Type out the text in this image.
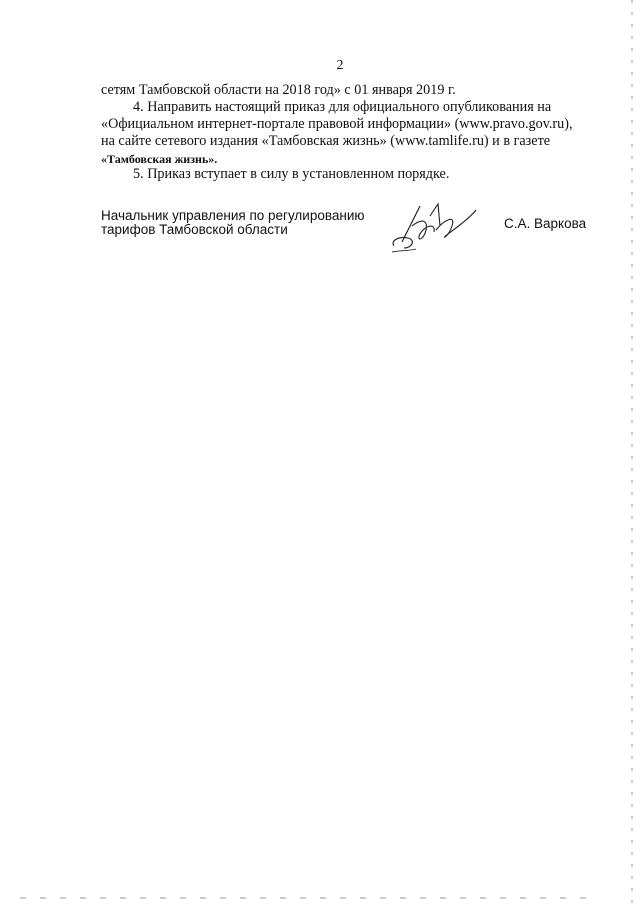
2
сетям Тамбовской области на 2018 год» с 01 января 2019 г.
4. Направить настоящий приказ для официального опубликования на
«Официальном интернет-портале правовой информации» (www.pravo.gov.ru),
на сайте сетевого издания «Тамбовская жизнь» (www.tamlife.ru) и в газете
«Тамбовская жизнь».
5. Приказ вступает в силу в установленном порядке.
Начальник управления по регулированию
тарифов Тамбовской области	С.А. Варкова
